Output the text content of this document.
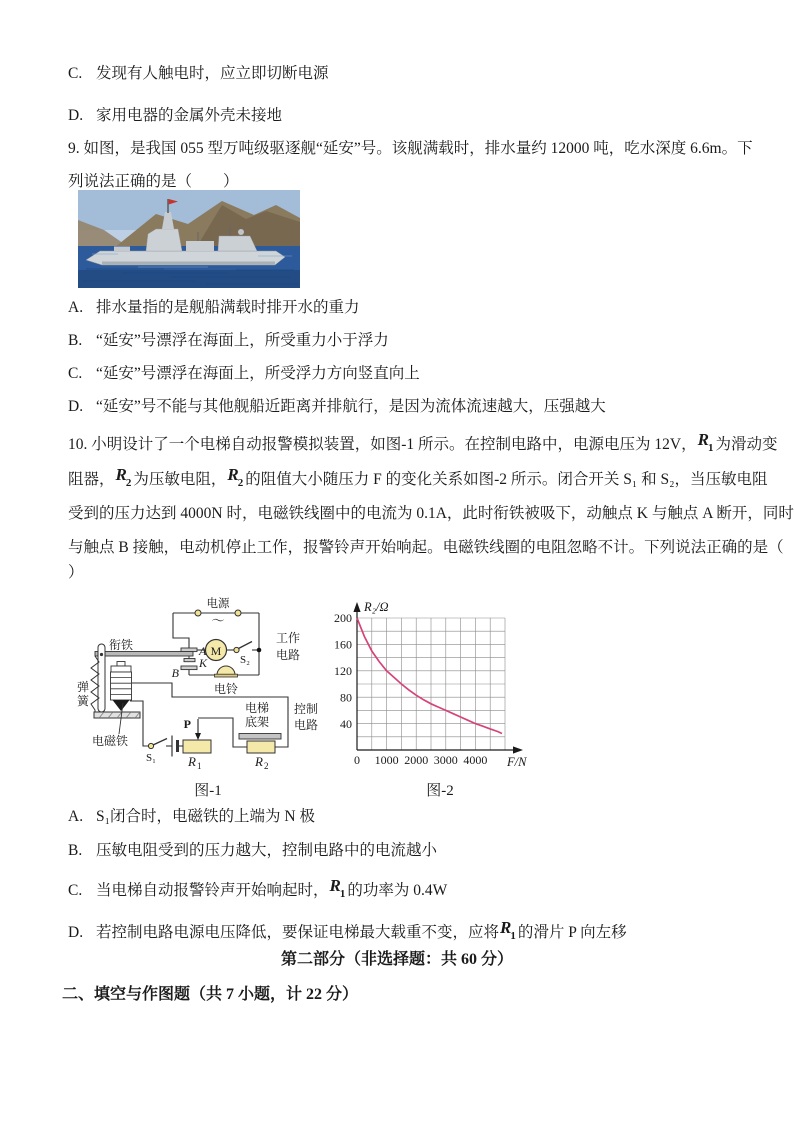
C. 发现有人触电时，应立即切断电源
D. 家用电器的金属外壳未接地
9. 如图，是我国 055 型万吨级驱逐舰“延安”号。该舰满载时，排水量约 12000 吨，吃水深度 6.6m。下
列说法正确的是（　　）
A. 排水量指的是舰船满载时排开水的重力
B. “延安”号漂浮在海面上，所受重力小于浮力
C. “延安”号漂浮在海面上，所受浮力方向竖直向上
D. “延安”号不能与其他舰船近距离并排航行，是因为流体流速越大，压强越大
10. 小明设计了一个电梯自动报警模拟装置，如图-1 所示。在控制电路中，电源电压为 12V，$R_1$ 为滑动变
阻器，$R_2$ 为压敏电阻，$R_2$ 的阻值大小随压力 F 的变化关系如图-2 所示。闭合开关 S₁ 和 S₂，当压敏电阻
受到的压力达到 4000N 时，电磁铁线圈中的电流为 0.1A，此时衔铁被吸下，动触点 K 与触点 A 断开，同时
与触点 B 接触，电动机停止工作，报警铃声开始响起。电磁铁线圈的电阻忽略不计。下列说法正确的是（
）
M
电源
～
工作
电路
A
K
B
衔铁
弹
簧
电铃
电磁铁
S₁
S₂
P
R 1	R 2
电梯
底架
控制
电路
图-1
200
160
120
80
40
0 1000 2000 3000 4000
R₂/Ω
F/N
图-2
A. S₁闭合时，电磁铁的上端为 N 极
B. 压敏电阻受到的压力越大，控制电路中的电流越小
C. 当电梯自动报警铃声开始响起时，$R_1$ 的功率为 0.4W
D. 若控制电路电源电压降低，要保证电梯最大载重不变，应将$R_1$ 的滑片 P 向左移
第二部分（非选择题：共 60 分）
二、填空与作图题（共 7 小题，计 22 分）
